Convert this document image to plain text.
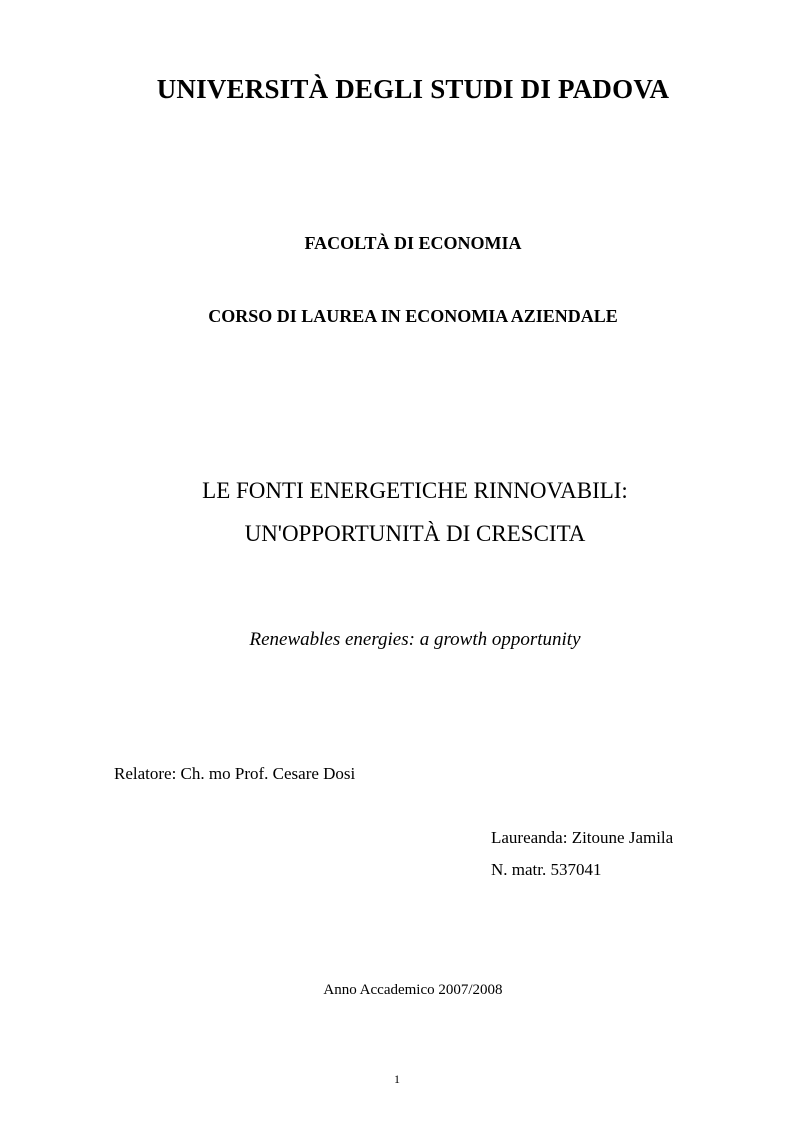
UNIVERSITÀ DEGLI STUDI DI PADOVA
FACOLTÀ DI ECONOMIA
CORSO DI LAUREA IN ECONOMIA AZIENDALE
LE FONTI ENERGETICHE RINNOVABILI:
UN'OPPORTUNITÀ DI CRESCITA
Renewables energies: a growth opportunity
Relatore: Ch. mo Prof. Cesare Dosi
Laureanda: Zitoune Jamila
N. matr. 537041
Anno Accademico 2007/2008
1
